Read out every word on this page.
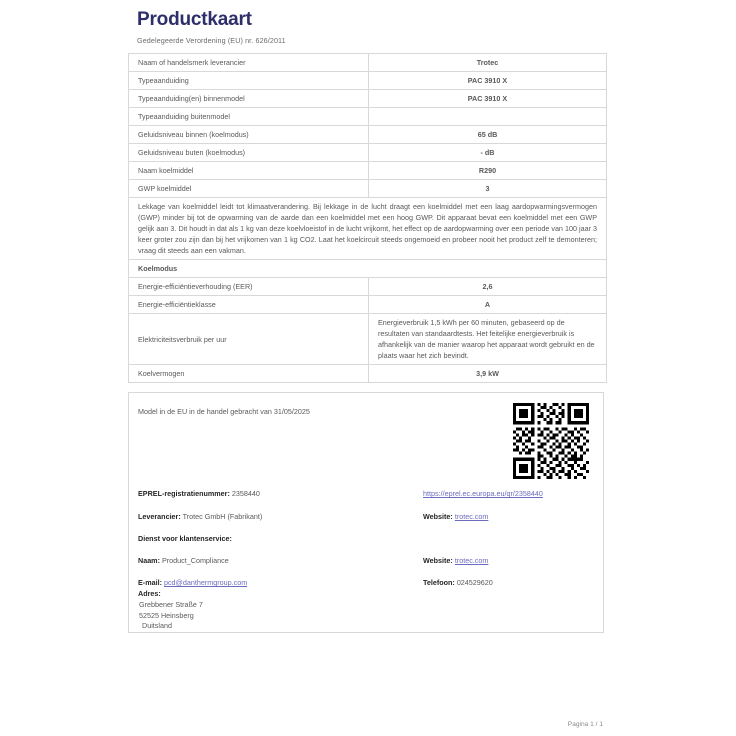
Productkaart
Gedelegeerde Verordening (EU) nr. 626/2011
Naam of handelsmerk leverancier	Trotec
Typeaanduiding	PAC 3910 X
Typeaanduiding(en) binnenmodel	PAC 3910 X
Typeaanduiding buitenmodel	
Geluidsniveau binnen (koelmodus)	65 dB
Geluidsniveau buten (koelmodus)	- dB
Naam koelmiddel	R290
GWP koelmiddel	3
Lekkage van koelmiddel leidt tot klimaatverandering. Bij lekkage in de lucht draagt een koelmiddel met een laag aardopwarmingsvermogen (GWP) minder bij tot de opwarming van de aarde dan een koelmiddel met een hoog GWP. Dit apparaat bevat een koelmiddel met een GWP gelijk aan 3. Dit houdt in dat als 1 kg van deze koelvloeistof in de lucht vrijkomt, het effect op de aardopwarming over een periode van 100 jaar 3 keer groter zou zijn dan bij het vrijkomen van 1 kg CO2. Laat het koelcircuit steeds ongemoeid en probeer nooit het product zelf te demonteren; vraag dit steeds aan een vakman.	
Koelmodus	
Energie-efficiëntieverhouding (EER)	2,6
Energie-efficiëntieklasse	A
Elektriciteitsverbruik per uur	Energieverbruik 1,5 kWh per 60 minuten, gebaseerd op de resultaten van standaardtests. Het feitelijke energieverbruik is afhankelijk van de manier waarop het apparaat wordt gebruikt en de plaats waar het zich bevindt.
Koelvermogen	3,9 kW
Model in de EU in de handel gebracht van 31/05/2025
EPREL-registratienummer: 2358440	https://eprel.ec.europa.eu/qr/2358440
Leverancier: Trotec GmbH (Fabrikant)	Website: trotec.com
Dienst voor klantenservice:
Naam: Product_Compliance	Website: trotec.com
E-mail: pcd@danthermgroup.com	Telefoon: 024529620
Adres:
Grebbener Straße 7
52525 Heinsberg
Duitsland
Pagina 1 / 1
